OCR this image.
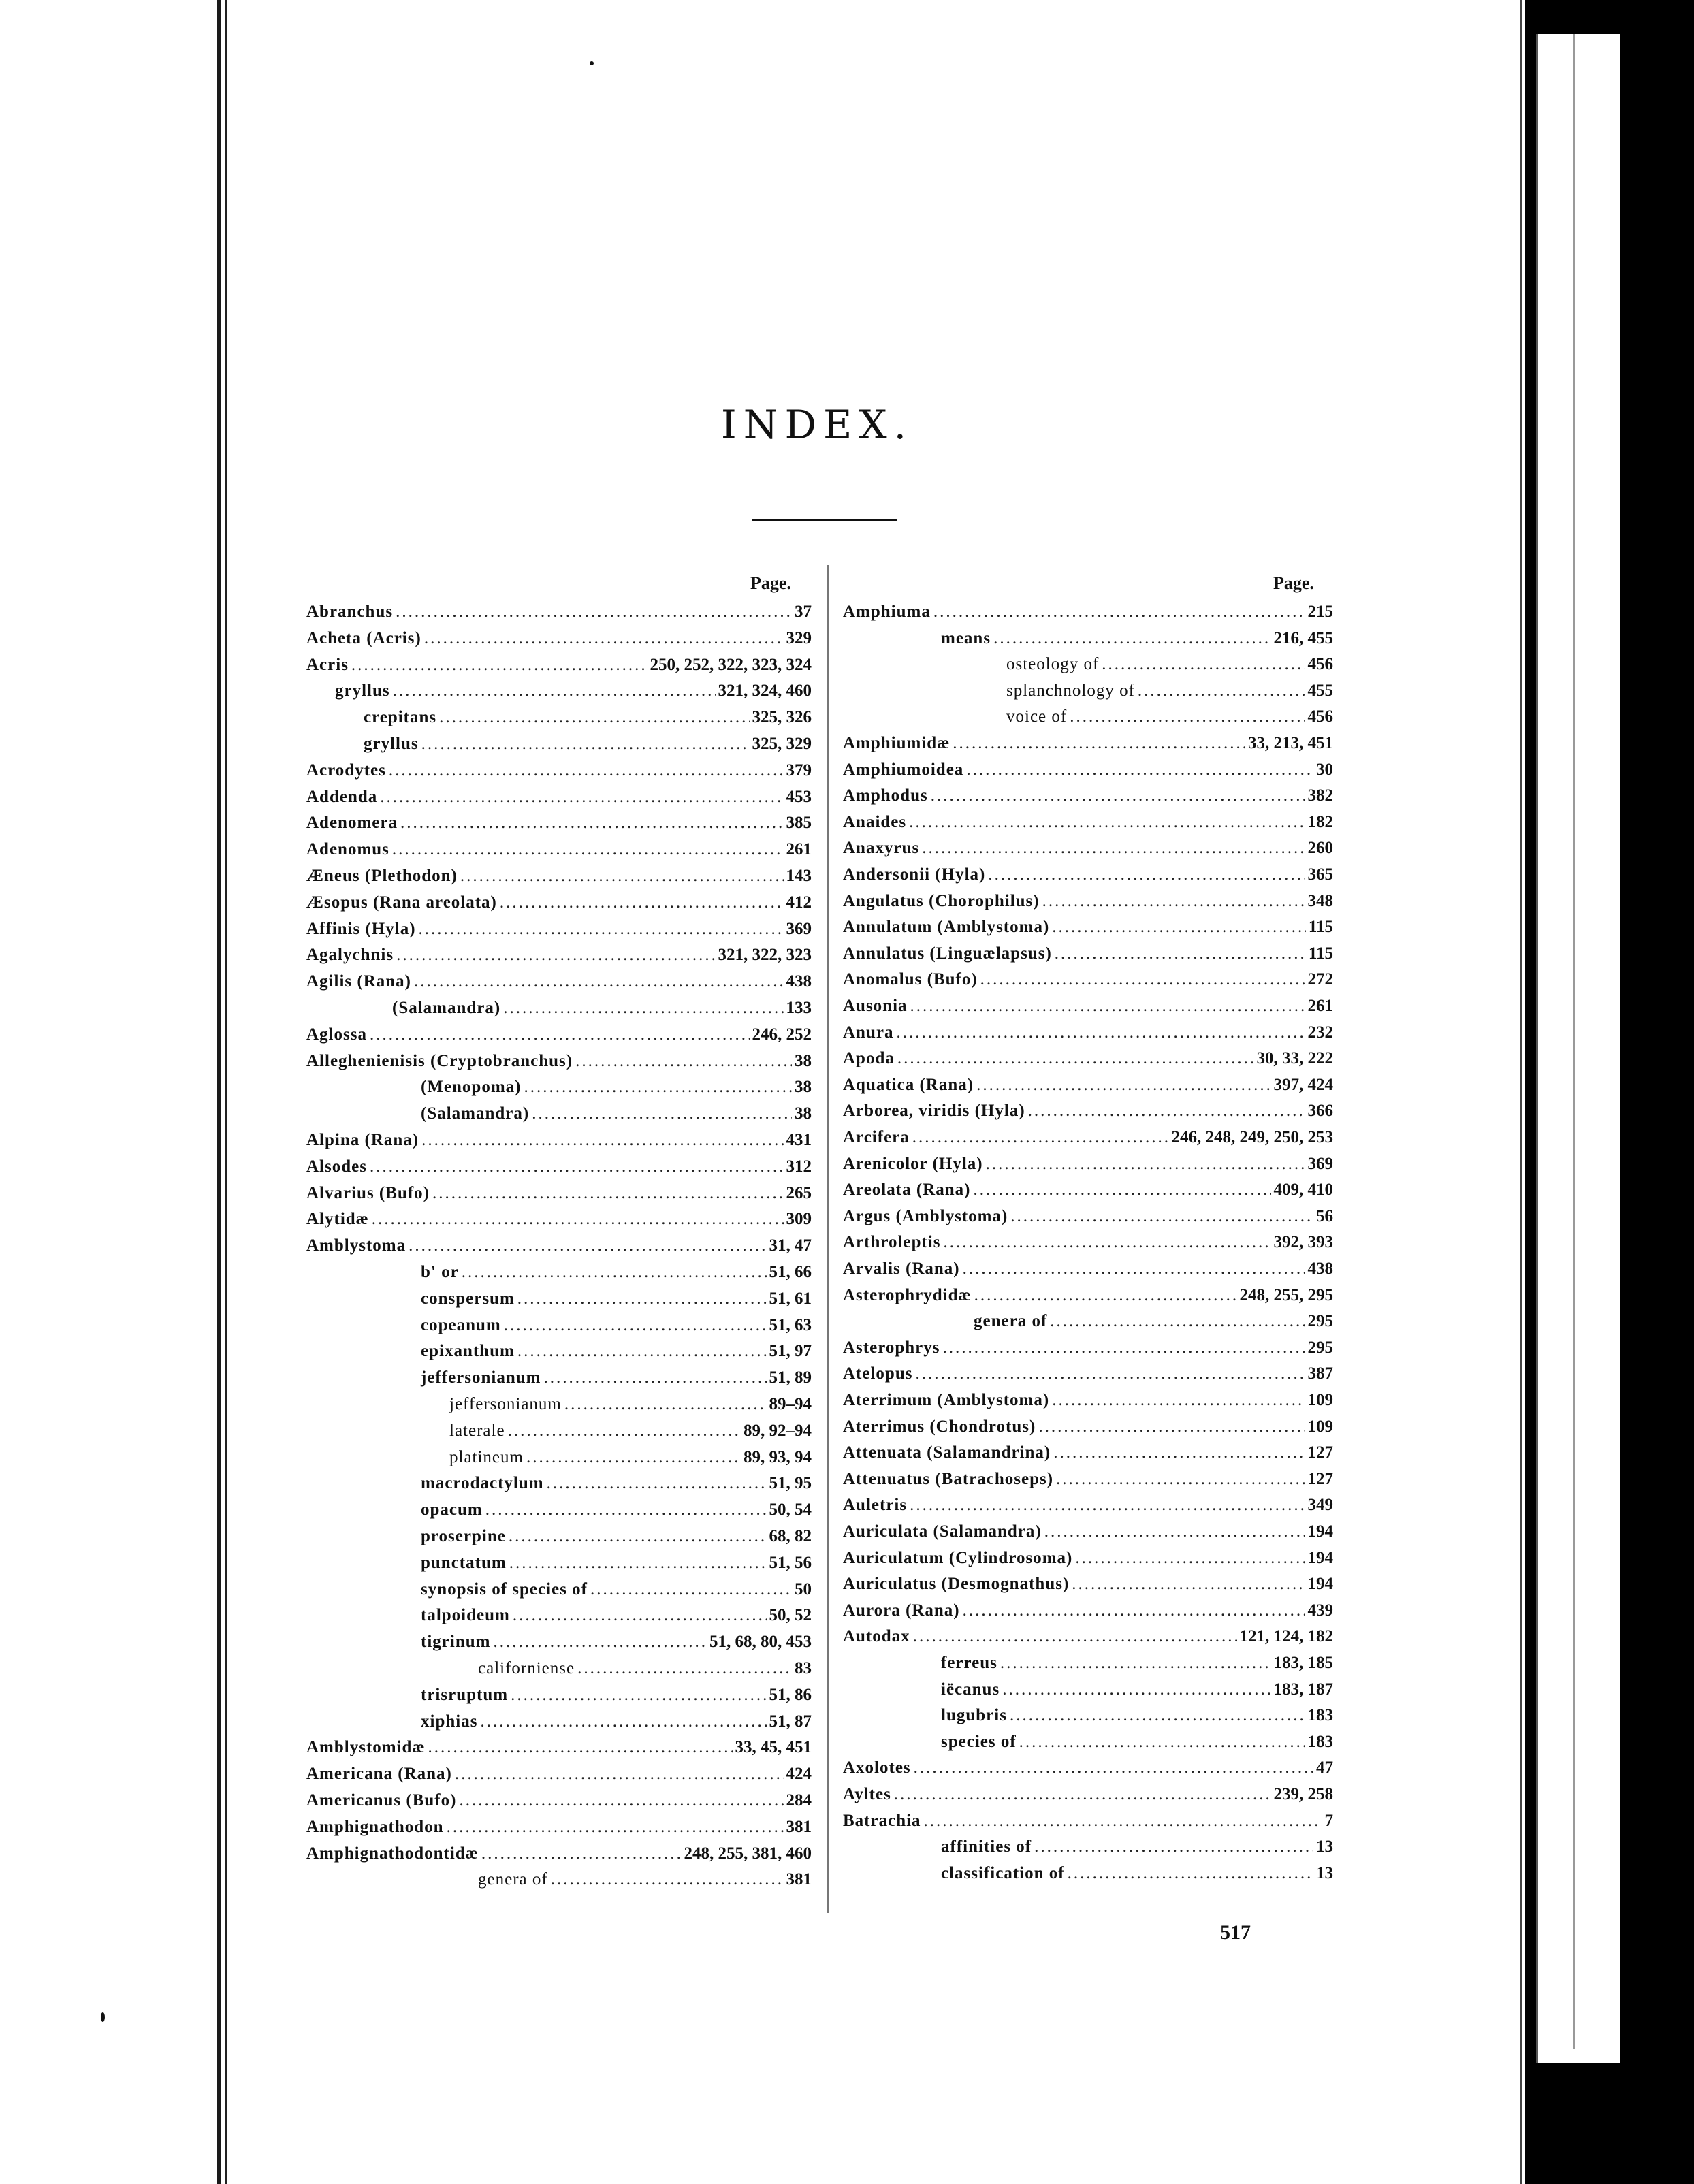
INDEX.
Page.	Page.
Abranchus .....	37
Acheta (Acris) .....	329
Acris .....	250, 252, 322, 323, 324
gryllus .....	321, 324, 460
crepitans .....	325, 326
gryllus .....	325, 329
Acrodytes .....	379
Addenda .....	453
Adenomera .....	385
Adenomus .....	261
Æneus (Plethodon) .....	143
Æsopus (Rana areolata) .....	412
Affinis (Hyla) .....	369
Agalychnis .....	321, 322, 323
Agilis (Rana) .....	438
(Salamandra) .....	133
Aglossa .....	246, 252
Alleghenienisis (Cryptobranchus) .....	38
(Menopoma) .....	38
(Salamandra) .....	38
Alpina (Rana) .....	431
Alsodes .....	312
Alvarius (Bufo) .....	265
Alytidæ .....	309
Amblystoma .....	31, 47
b' or .....	51, 66
conspersum .....	51, 61
copeanum .....	51, 63
epixanthum .....	51, 97
jeffersonianum .....	51, 89
jeffersonianum .....	89–94
laterale .....	89, 92–94
platineum .....	89, 93, 94
macrodactylum .....	51, 95
opacum .....	50, 54
proserpine .....	68, 82
punctatum .....	51, 56
synopsis of species of .....	50
talpoideum .....	50, 52
tigrinum .....	51, 68, 80, 453
californiense .....	83
trisruptum .....	51, 86
xiphias .....	51, 87
Amblystomidæ .....	33, 45, 451
Americana (Rana) .....	424
Americanus (Bufo) .....	284
Amphignathodon .....	381
Amphignathodontidæ .....	248, 255, 381, 460
genera of .....	381
Amphiuma .....	215
means .....	216, 455
osteology of .....	456
splanchnology of .....	455
voice of .....	456
Amphiumidæ .....	33, 213, 451
Amphiumoidea .....	30
Amphodus .....	382
Anaides .....	182
Anaxyrus .....	260
Andersonii (Hyla) .....	365
Angulatus (Chorophilus) .....	348
Annulatum (Amblystoma) .....	115
Annulatus (Linguælapsus) .....	115
Anomalus (Bufo) .....	272
Ausonia .....	261
Anura .....	232
Apoda .....	30, 33, 222
Aquatica (Rana) .....	397, 424
Arborea, viridis (Hyla) .....	366
Arcifera .....	246, 248, 249, 250, 253
Arenicolor (Hyla) .....	369
Areolata (Rana) .....	409, 410
Argus (Amblystoma) .....	56
Arthroleptis .....	392, 393
Arvalis (Rana) .....	438
Asterophrydidæ .....	248, 255, 295
genera of .....	295
Asterophrys .....	295
Atelopus .....	387
Aterrimum (Amblystoma) .....	109
Aterrimus (Chondrotus) .....	109
Attenuata (Salamandrina) .....	127
Attenuatus (Batrachoseps) .....	127
Auletris .....	349
Auriculata (Salamandra) .....	194
Auriculatum (Cylindrosoma) .....	194
Auriculatus (Desmognathus) .....	194
Aurora (Rana) .....	439
Autodax .....	121, 124, 182
ferreus .....	183, 185
iëcanus .....	183, 187
lugubris .....	183
species of .....	183
Axolotes .....	47
Ayltes .....	239, 258
Batrachia .....	7
affinities of .....	13
classification of .....	13
517
